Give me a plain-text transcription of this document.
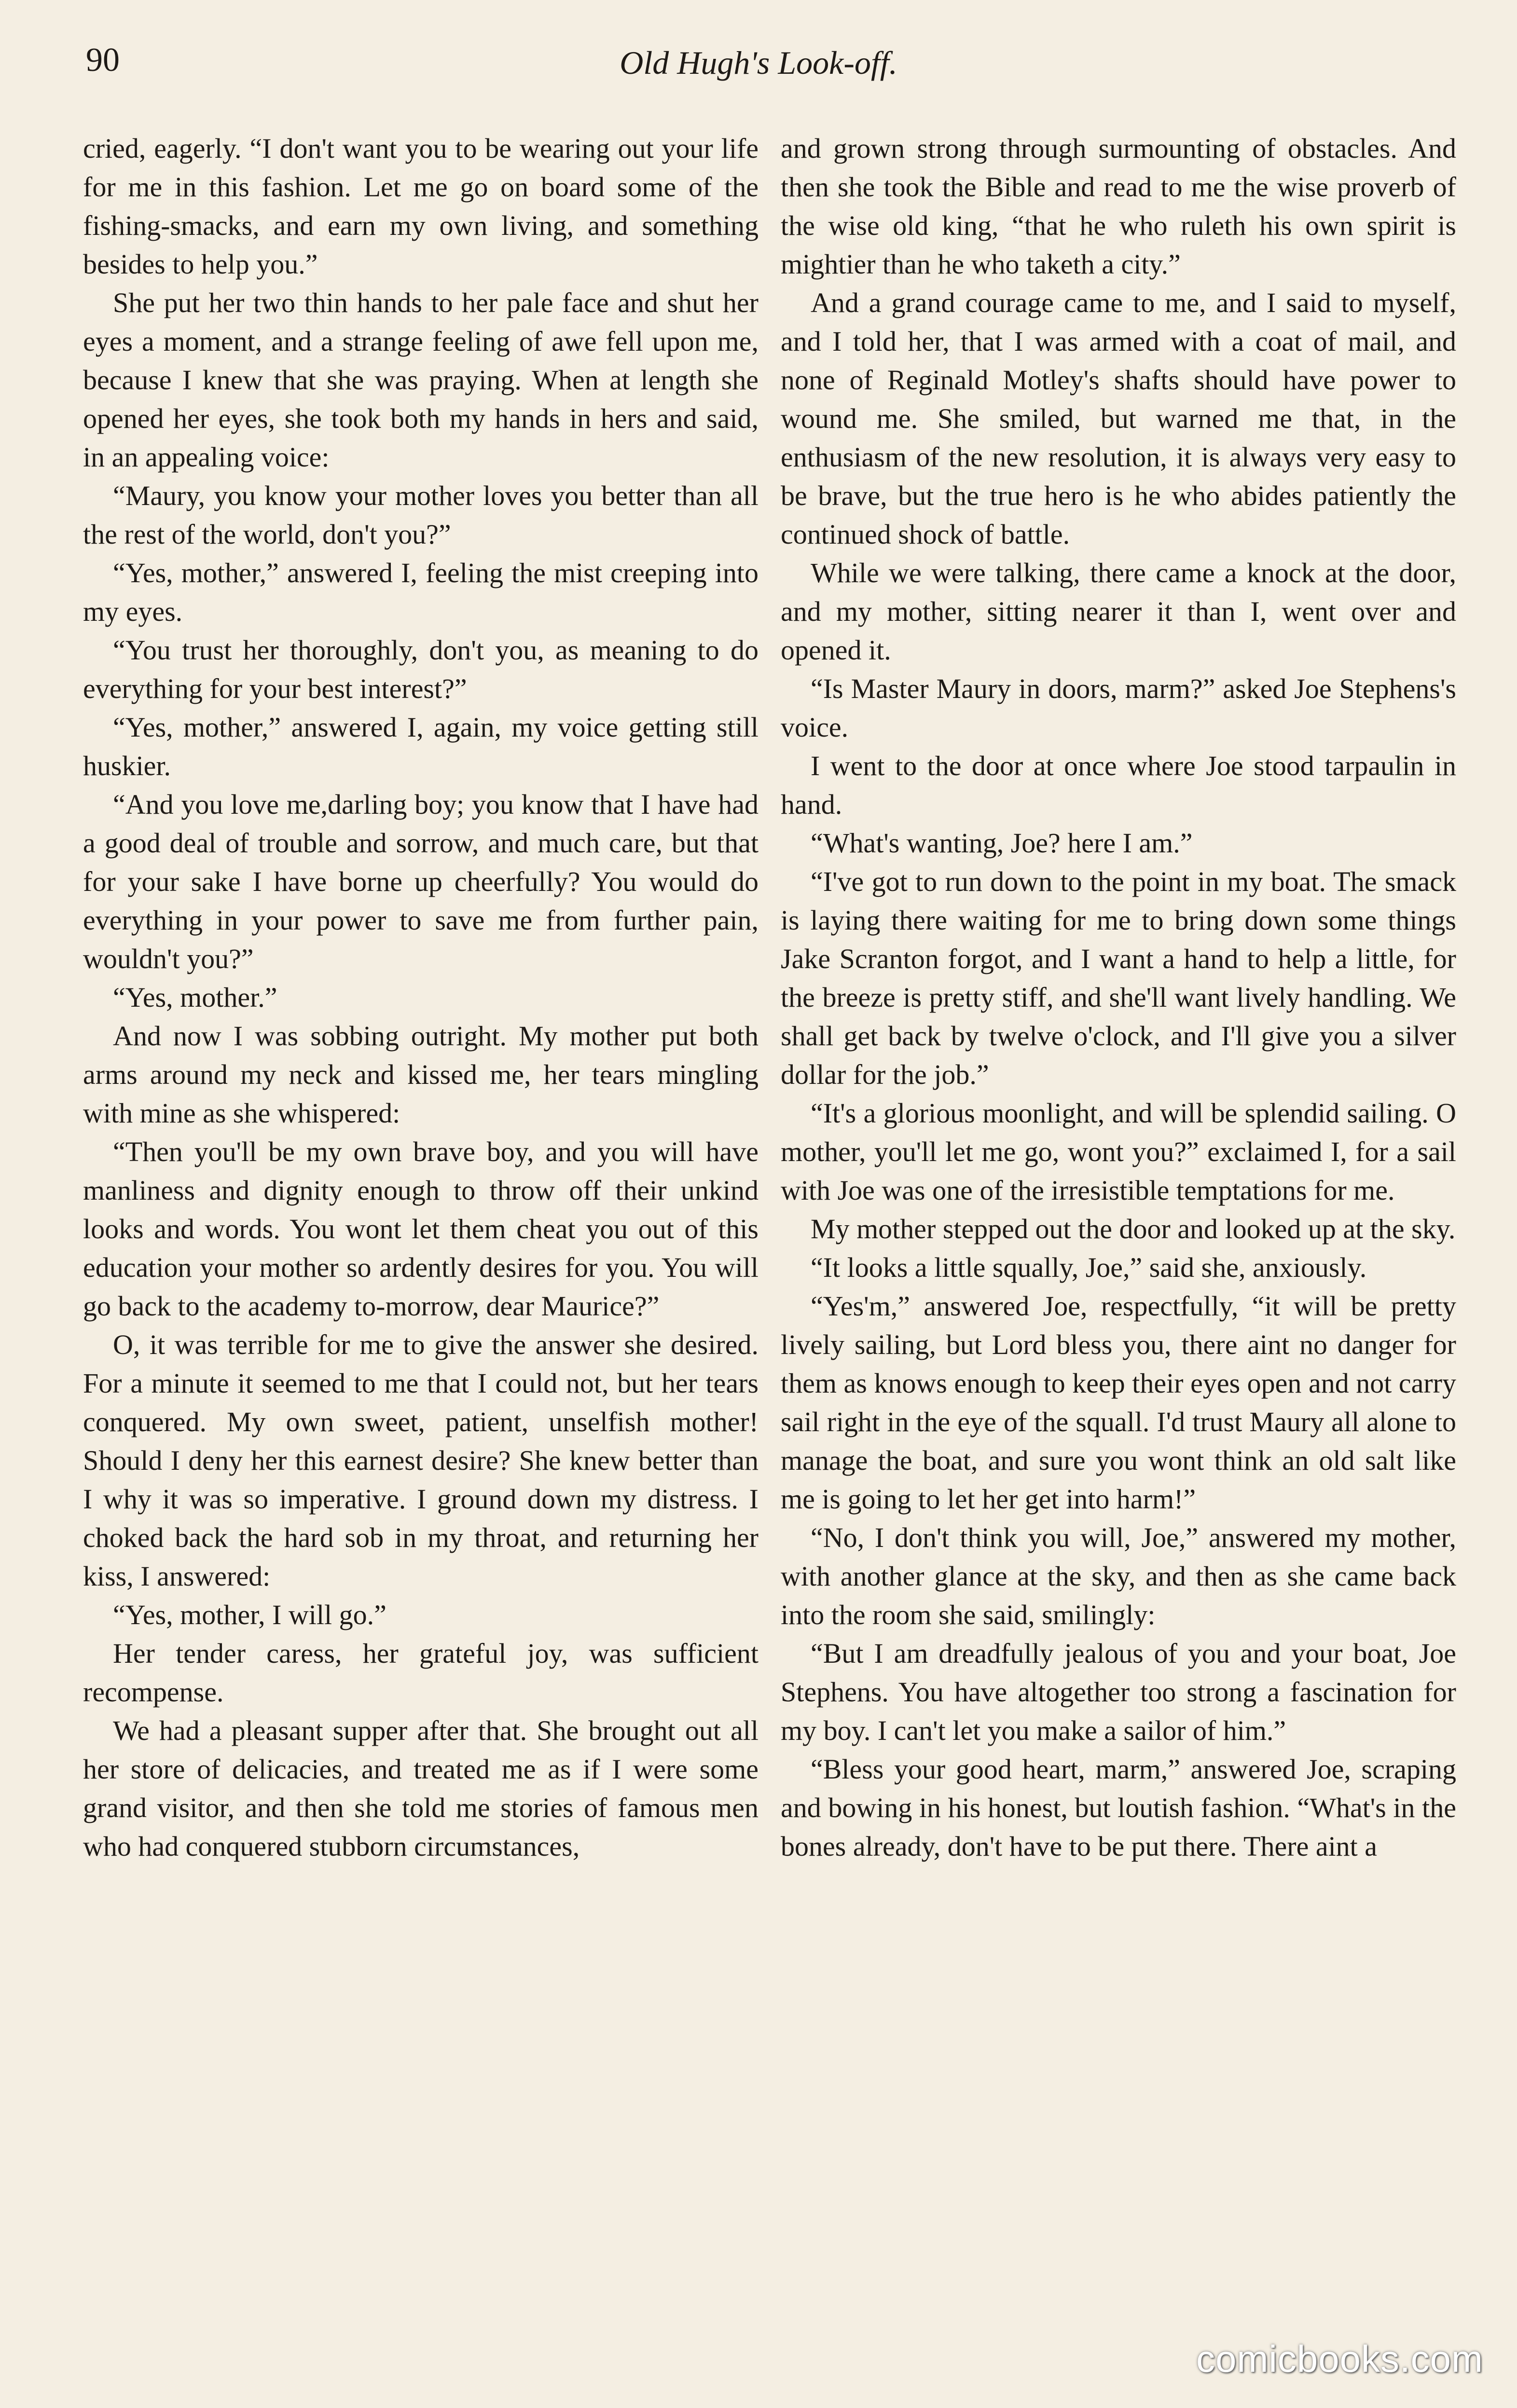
90	Old Hugh's Look-off.

cried, eagerly. “I don't want you to be wearing out your life for me in this fashion. Let me go on board some of the fishing-smacks, and earn my own living, and something besides to help you.”

She put her two thin hands to her pale face and shut her eyes a moment, and a strange feeling of awe fell upon me, because I knew that she was praying. When at length she opened her eyes, she took both my hands in hers and said, in an appealing voice:

“Maury, you know your mother loves you better than all the rest of the world, don't you?”

“Yes, mother,” answered I, feeling the mist creeping into my eyes.

“You trust her thoroughly, don't you, as meaning to do everything for your best interest?”

“Yes, mother,” answered I, again, my voice getting still huskier.

“And you love me,darling boy; you know that I have had a good deal of trouble and sorrow, and much care, but that for your sake I have borne up cheerfully? You would do everything in your power to save me from further pain, wouldn't you?”

“Yes, mother.”

And now I was sobbing outright. My mother put both arms around my neck and kissed me, her tears mingling with mine as she whispered:

“Then you'll be my own brave boy, and you will have manliness and dignity enough to throw off their unkind looks and words. You wont let them cheat you out of this education your mother so ardently desires for you. You will go back to the academy to-morrow, dear Maurice?”

O, it was terrible for me to give the answer she desired. For a minute it seemed to me that I could not, but her tears conquered. My own sweet, patient, unselfish mother! Should I deny her this earnest desire? She knew better than I why it was so imperative. I ground down my distress. I choked back the hard sob in my throat, and returning her kiss, I answered:

“Yes, mother, I will go.”

Her tender caress, her grateful joy, was sufficient recompense.

We had a pleasant supper after that. She brought out all her store of delicacies, and treated me as if I were some grand visitor, and then she told me stories of famous men who had conquered stubborn circumstances,

and grown strong through surmounting of obstacles. And then she took the Bible and read to me the wise proverb of the wise old king, “that he who ruleth his own spirit is mightier than he who taketh a city.”

And a grand courage came to me, and I said to myself, and I told her, that I was armed with a coat of mail, and none of Reginald Motley's shafts should have power to wound me. She smiled, but warned me that, in the enthusiasm of the new resolution, it is always very easy to be brave, but the true hero is he who abides patiently the continued shock of battle.

While we were talking, there came a knock at the door, and my mother, sitting nearer it than I, went over and opened it.

“Is Master Maury in doors, marm?” asked Joe Stephens's voice.

I went to the door at once where Joe stood tarpaulin in hand.

“What's wanting, Joe? here I am.”

“I've got to run down to the point in my boat. The smack is laying there waiting for me to bring down some things Jake Scranton forgot, and I want a hand to help a little, for the breeze is pretty stiff, and she'll want lively handling. We shall get back by twelve o'clock, and I'll give you a silver dollar for the job.”

“It's a glorious moonlight, and will be splendid sailing. O mother, you'll let me go, wont you?” exclaimed I, for a sail with Joe was one of the irresistible temptations for me.

My mother stepped out the door and looked up at the sky.

“It looks a little squally, Joe,” said she, anxiously.

“Yes'm,” answered Joe, respectfully, “it will be pretty lively sailing, but Lord bless you, there aint no danger for them as knows enough to keep their eyes open and not carry sail right in the eye of the squall. I'd trust Maury all alone to manage the boat, and sure you wont think an old salt like me is going to let her get into harm!”

“No, I don't think you will, Joe,” answered my mother, with another glance at the sky, and then as she came back into the room she said, smilingly:

“But I am dreadfully jealous of you and your boat, Joe Stephens. You have altogether too strong a fascination for my boy. I can't let you make a sailor of him.”

“Bless your good heart, marm,” answered Joe, scraping and bowing in his honest, but loutish fashion. “What's in the bones already, don't have to be put there. There aint a

comicbooks.com
